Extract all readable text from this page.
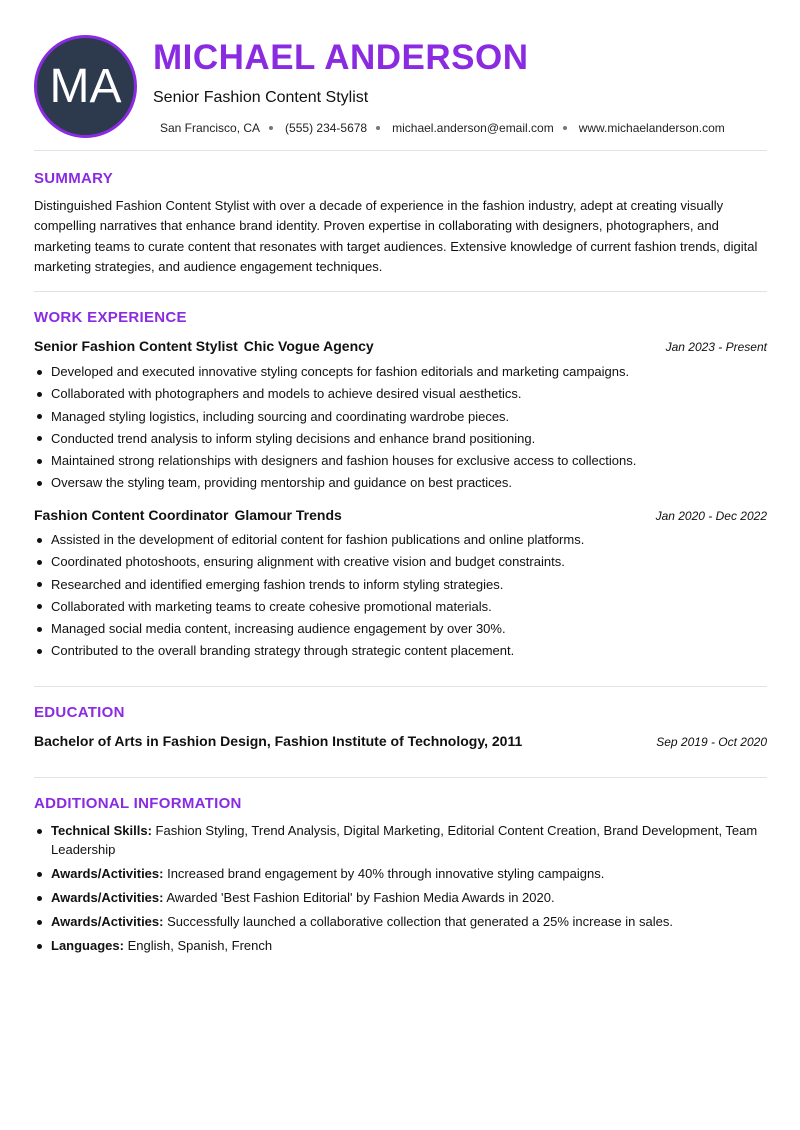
MA
MICHAEL ANDERSON
Senior Fashion Content Stylist
San Francisco, CA (555) 234-5678 michael.anderson@email.com www.michaelanderson.com
SUMMARY
Distinguished Fashion Content Stylist with over a decade of experience in the fashion industry, adept at creating visually compelling narratives that enhance brand identity. Proven expertise in collaborating with designers, photographers, and marketing teams to curate content that resonates with target audiences. Extensive knowledge of current fashion trends, digital marketing strategies, and audience engagement techniques.
WORK EXPERIENCE
Senior Fashion Content Stylist Chic Vogue Agency	Jan 2023 - Present
Developed and executed innovative styling concepts for fashion editorials and marketing campaigns.
Collaborated with photographers and models to achieve desired visual aesthetics.
Managed styling logistics, including sourcing and coordinating wardrobe pieces.
Conducted trend analysis to inform styling decisions and enhance brand positioning.
Maintained strong relationships with designers and fashion houses for exclusive access to collections.
Oversaw the styling team, providing mentorship and guidance on best practices.
Fashion Content Coordinator Glamour Trends	Jan 2020 - Dec 2022
Assisted in the development of editorial content for fashion publications and online platforms.
Coordinated photoshoots, ensuring alignment with creative vision and budget constraints.
Researched and identified emerging fashion trends to inform styling strategies.
Collaborated with marketing teams to create cohesive promotional materials.
Managed social media content, increasing audience engagement by over 30%.
Contributed to the overall branding strategy through strategic content placement.
EDUCATION
Bachelor of Arts in Fashion Design, Fashion Institute of Technology, 2011	Sep 2019 - Oct 2020
ADDITIONAL INFORMATION
Technical Skills: Fashion Styling, Trend Analysis, Digital Marketing, Editorial Content Creation, Brand Development, Team Leadership
Awards/Activities: Increased brand engagement by 40% through innovative styling campaigns.
Awards/Activities: Awarded 'Best Fashion Editorial' by Fashion Media Awards in 2020.
Awards/Activities: Successfully launched a collaborative collection that generated a 25% increase in sales.
Languages: English, Spanish, French
